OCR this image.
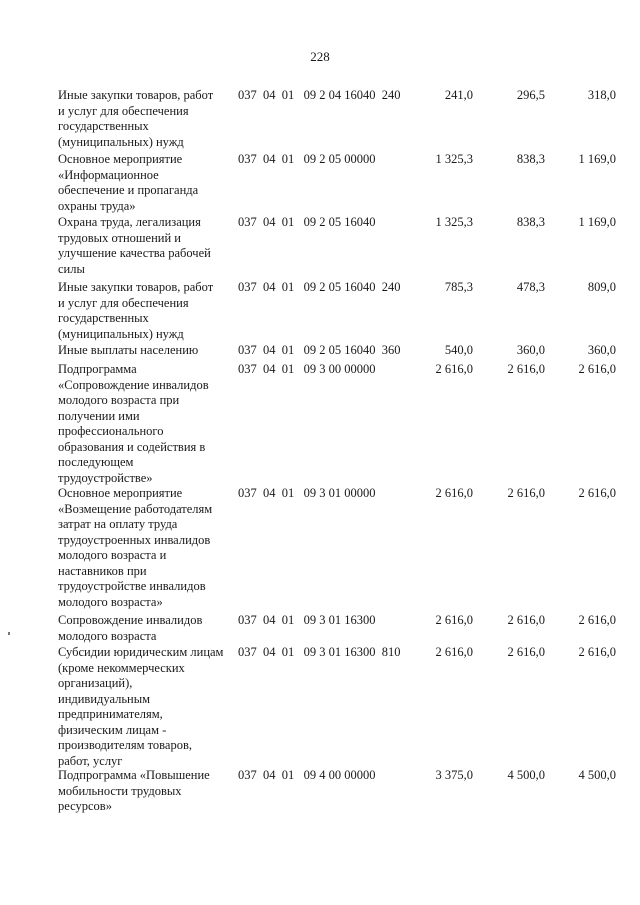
228
Иные закупки товаров, работ
и услуг для обеспечения
государственных
(муниципальных) нужд
037  04  01   09 2 04 16040  240	241,0	296,5	318,0
Основное мероприятие
«Информационное
обеспечение и пропаганда
охраны труда»
037  04  01   09 2 05 00000	1 325,3	838,3	1 169,0
Охрана труда, легализация
трудовых отношений и
улучшение качества рабочей
силы
037  04  01   09 2 05 16040	1 325,3	838,3	1 169,0
Иные закупки товаров, работ
и услуг для обеспечения
государственных
(муниципальных) нужд
037  04  01   09 2 05 16040  240	785,3	478,3	809,0
Иные выплаты населению	037  04  01   09 2 05 16040  360	540,0	360,0	360,0
Подпрограмма
«Сопровождение инвалидов
молодого возраста при
получении ими
профессионального
образования и содействия в
последующем
трудоустройстве»
037  04  01   09 3 00 00000	2 616,0	2 616,0	2 616,0
Основное мероприятие
«Возмещение работодателям
затрат на оплату труда
трудоустроенных инвалидов
молодого возраста и
наставников при
трудоустройстве инвалидов
молодого возраста»
037  04  01   09 3 01 00000	2 616,0	2 616,0	2 616,0
Сопровождение инвалидов
молодого возраста
037  04  01   09 3 01 16300	2 616,0	2 616,0	2 616,0
Субсидии юридическим лицам
(кроме некоммерческих
организаций),
индивидуальным
предпринимателям,
физическим лицам -
производителям товаров,
работ, услуг
037  04  01   09 3 01 16300  810	2 616,0	2 616,0	2 616,0
Подпрограмма «Повышение
мобильности трудовых
ресурсов»
037  04  01   09 4 00 00000	3 375,0	4 500,0	4 500,0
